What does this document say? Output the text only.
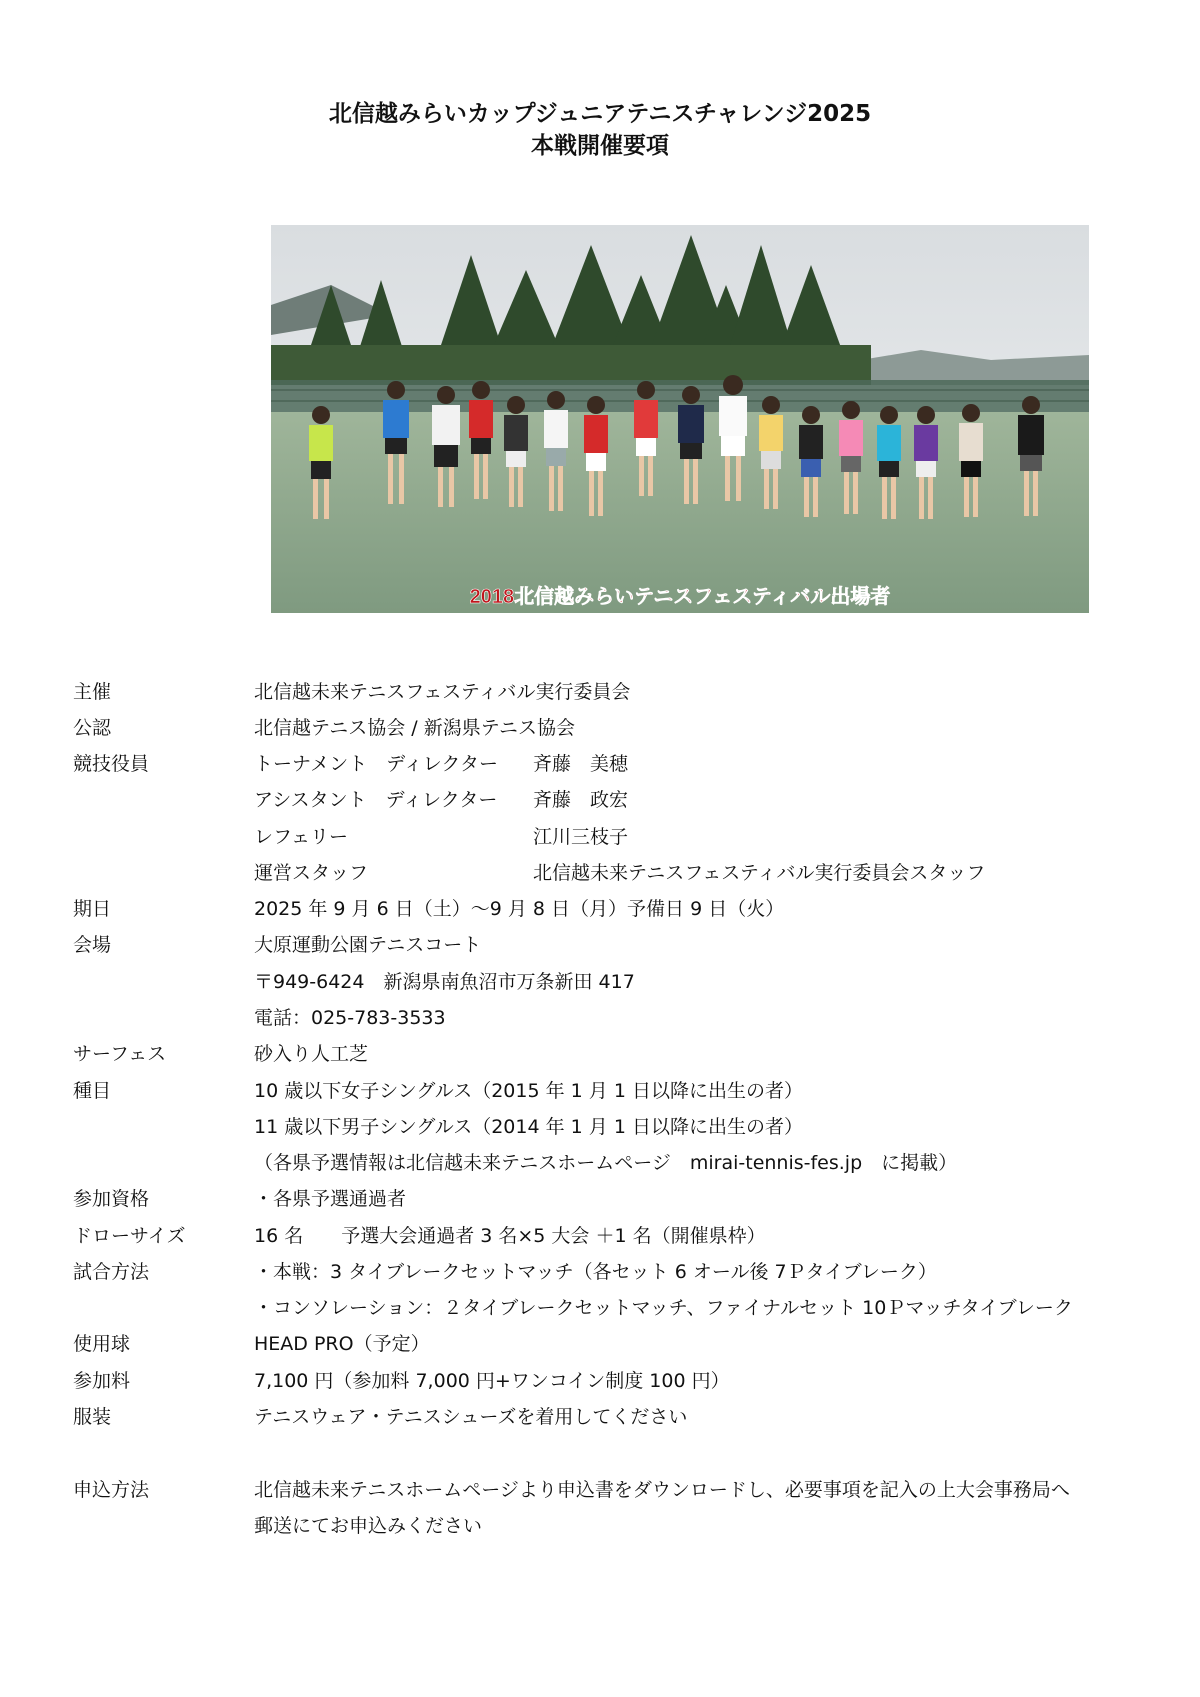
北信越みらいカップジュニアテニスチャレンジ2025
本戦開催要項
2018北信越みらいテニスフェスティバル出場者
主催	北信越未来テニスフェスティバル実行委員会
公認	北信越テニス協会 / 新潟県テニス協会
競技役員	トーナメント　ディレクター 斉藤　美穂
アシスタント　ディレクター 斉藤　政宏
レフェリー	江川三枝子
運営スタッフ	北信越未来テニスフェスティバル実行委員会スタッフ
期日	2025 年 9 月 6 日（土）～9 月 8 日（月）予備日 9 日（火）
会場	大原運動公園テニスコート
〒949-6424　新潟県南魚沼市万条新田 417
電話：025-783-3533
サーフェス	砂入り人工芝
種目	10 歳以下女子シングルス（2015 年 1 月 1 日以降に出生の者）
11 歳以下男子シングルス（2014 年 1 月 1 日以降に出生の者）
（各県予選情報は北信越未来テニスホームページ　mirai-tennis-fes.jp　に掲載）
参加資格	・各県予選通過者
ドローサイズ	16 名　　予選大会通過者 3 名×5 大会 ＋1 名（開催県枠）
試合方法	・本戦：3 タイブレークセットマッチ（各セット 6 オール後 7Ｐタイブレーク）
・コンソレーション：２タイブレークセットマッチ、ファイナルセット 10Ｐマッチタイブレーク
使用球	HEAD PRO（予定）
参加料	7,100 円（参加料 7,000 円+ワンコイン制度 100 円）
服装	テニスウェア・テニスシューズを着用してください
申込方法	北信越未来テニスホームページより申込書をダウンロードし、必要事項を記入の上大会事務局へ
郵送にてお申込みください
